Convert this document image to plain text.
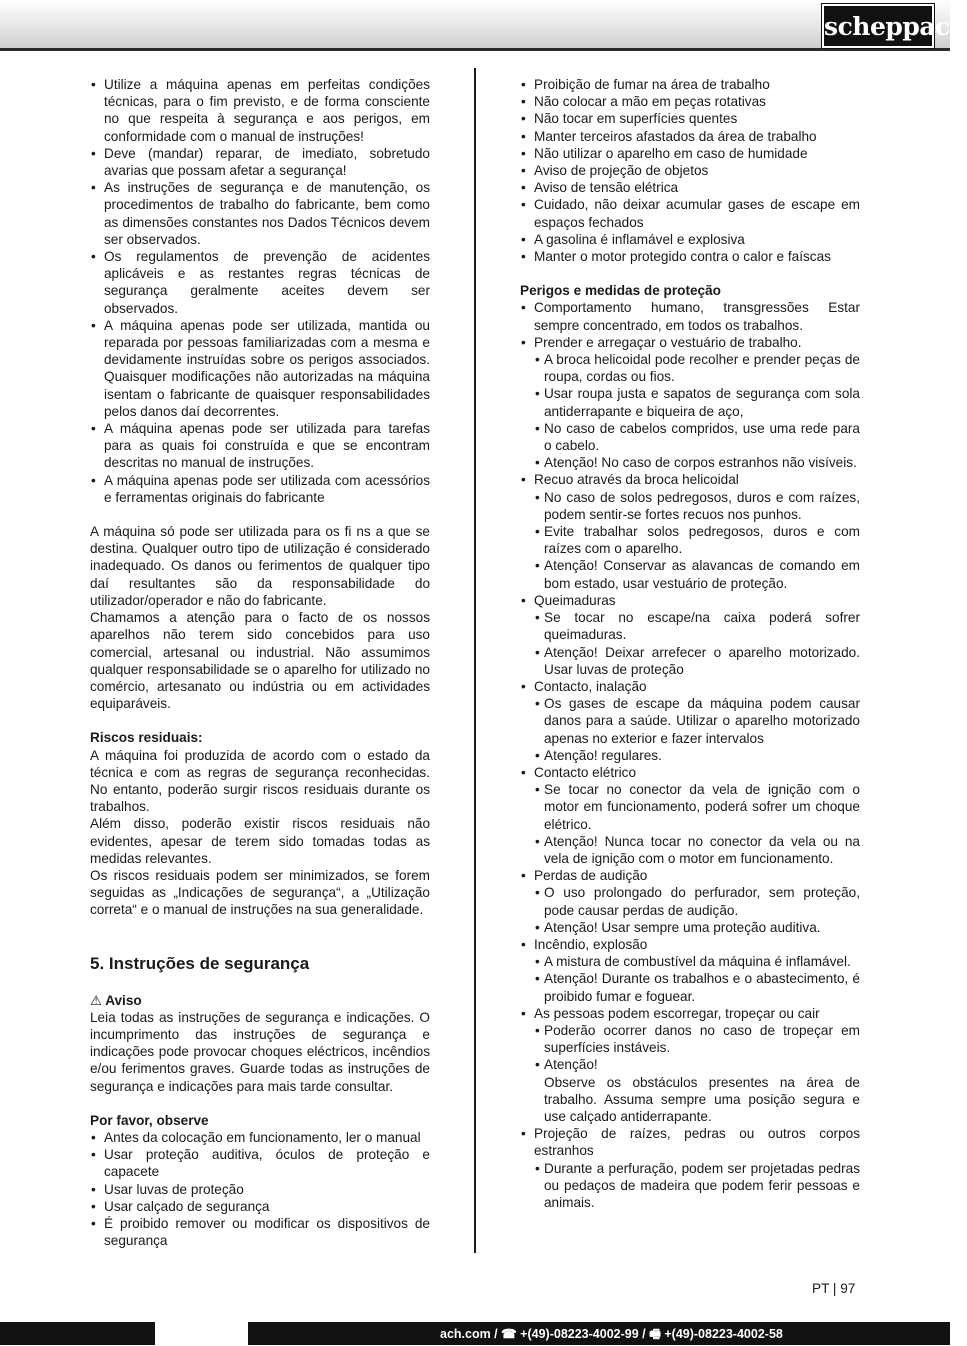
scheppach
• Utilize a máquina apenas em perfeitas condições técnicas, para o fim previsto, e de forma consciente no que respeita à segurança e aos perigos, em conformidade com o manual de instruções!
• Deve (mandar) reparar, de imediato, sobretudo avarias que possam afetar a segurança!
• As instruções de segurança e de manutenção, os procedimentos de trabalho do fabricante, bem como as dimensões constantes nos Dados Técnicos devem ser observados.
• Os regulamentos de prevenção de acidentes aplicáveis e as restantes regras técnicas de segurança geralmente aceites devem ser observados.
• A máquina apenas pode ser utilizada, mantida ou reparada por pessoas familiarizadas com a mesma e devidamente instruídas sobre os perigos associados. Quaisquer modificações não autorizadas na máquina isentam o fabricante de quaisquer responsabilidades pelos danos daí decorrentes.
• A máquina apenas pode ser utilizada para tarefas para as quais foi construída e que se encontram descritas no manual de instruções.
• A máquina apenas pode ser utilizada com acessórios e ferramentas originais do fabricante

A máquina só pode ser utilizada para os fi ns a que se destina. Qualquer outro tipo de utilização é considerado inadequado. Os danos ou ferimentos de qualquer tipo daí resultantes são da responsabilidade do utilizador/operador e não do fabricante.

Chamamos a atenção para o facto de os nossos aparelhos não terem sido concebidos para uso comercial, artesanal ou industrial. Não assumimos qualquer responsabilidade se o aparelho for utilizado no comércio, artesanato ou indústria ou em actividades equiparáveis.

Riscos residuais:

A máquina foi produzida de acordo com o estado da técnica e com as regras de segurança reconhecidas. No entanto, poderão surgir riscos residuais durante os trabalhos.

Além disso, poderão existir riscos residuais não evidentes, apesar de terem sido tomadas todas as medidas relevantes.

Os riscos residuais podem ser minimizados, se forem seguidas as „Indicações de segurança“, a „Utilização correta“ e o manual de instruções na sua generalidade.

5. Instruções de segurança
⚠ Aviso

Leia todas as instruções de segurança e indicações. O incumprimento das instruções de segurança e indicações pode provocar choques eléctricos, incêndios e/ou ferimentos graves. Guarde todas as instruções de segurança e indicações para mais tarde consultar.

Por favor, observe
• Antes da colocação em funcionamento, ler o manual
• Usar proteção auditiva, óculos de proteção e capacete
• Usar luvas de proteção
• Usar calçado de segurança
• É proibido remover ou modificar os dispositivos de segurança
• Proibição de fumar na área de trabalho
• Não colocar a mão em peças rotativas
• Não tocar em superfícies quentes
• Manter terceiros afastados da área de trabalho
• Não utilizar o aparelho em caso de humidade
• Aviso de projeção de objetos
• Aviso de tensão elétrica
• Cuidado, não deixar acumular gases de escape em espaços fechados
• A gasolina é inflamável e explosiva
• Manter o motor protegido contra o calor e faíscas
Perigos e medidas de proteção
• Comportamento humano, transgressões Estar sempre concentrado, em todos os trabalhos.
• Prender e arregaçar o vestuário de trabalho.
• A broca helicoidal pode recolher e prender peças de roupa, cordas ou fios.
• Usar roupa justa e sapatos de segurança com sola antiderrapante e biqueira de aço,
• No caso de cabelos compridos, use uma rede para o cabelo.
• Atenção! No caso de corpos estranhos não visíveis.
• Recuo através da broca helicoidal
• No caso de solos pedregosos, duros e com raízes, podem sentir-se fortes recuos nos punhos.
• Evite trabalhar solos pedregosos, duros e com raízes com o aparelho.
• Atenção! Conservar as alavancas de comando em bom estado, usar vestuário de proteção.
• Queimaduras
• Se tocar no escape/na caixa poderá sofrer queimaduras.
• Atenção! Deixar arrefecer o aparelho motorizado. Usar luvas de proteção
• Contacto, inalação
• Os gases de escape da máquina podem causar danos para a saúde. Utilizar o aparelho motorizado apenas no exterior e fazer intervalos
• Atenção! regulares.
• Contacto elétrico
• Se tocar no conector da vela de ignição com o motor em funcionamento, poderá sofrer um choque elétrico.
• Atenção! Nunca tocar no conector da vela ou na vela de ignição com o motor em funcionamento.
• Perdas de audição
• O uso prolongado do perfurador, sem proteção, pode causar perdas de audição.
• Atenção! Usar sempre uma proteção auditiva.
• Incêndio, explosão
• A mistura de combustível da máquina é inflamável.
• Atenção! Durante os trabalhos e o abastecimento, é proibido fumar e foguear.
• As pessoas podem escorregar, tropeçar ou cair
• Poderão ocorrer danos no caso de tropeçar em superfícies instáveis.
• Atenção!
Observe os obstáculos presentes na área de trabalho. Assuma sempre uma posição segura e use calçado antiderrapante.
• Projeção de raízes, pedras ou outros corpos estranhos
• Durante a perfuração, podem ser projetadas pedras ou pedaços de madeira que podem ferir pessoas e animais.
PT | 97
ach.com / ☎ +(49)-08223-4002-99 / 🖷 +(49)-08223-4002-58
